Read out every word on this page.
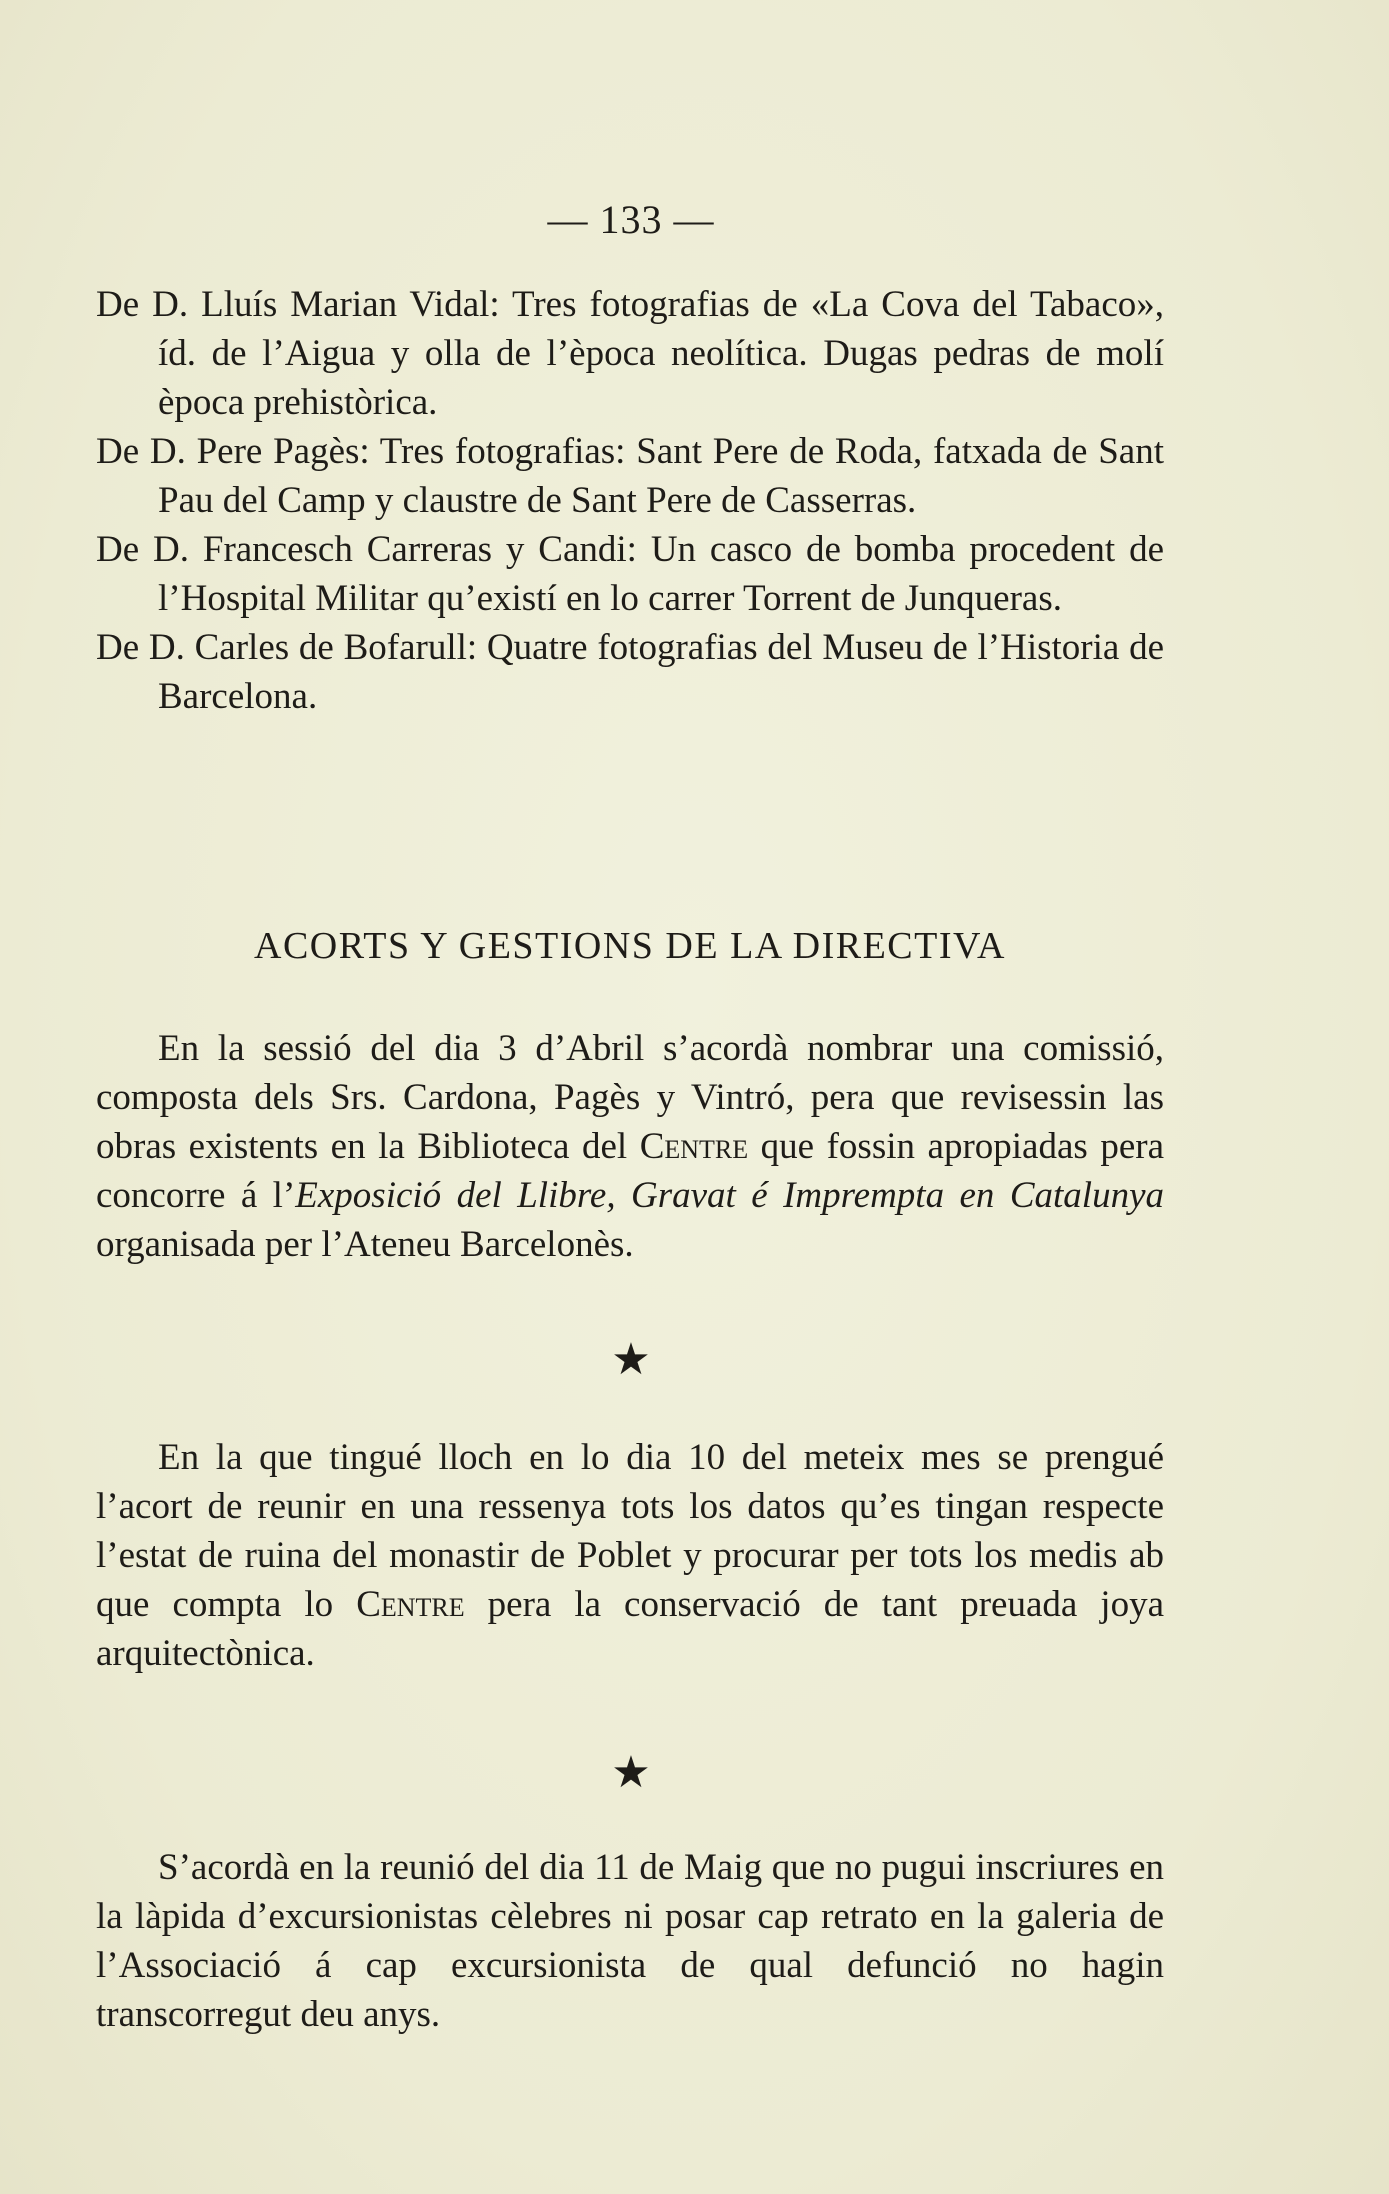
— 133 —

De D. Lluís Marian Vidal: Tres fotografias de «La Cova del Tabaco», íd. de l’Aigua y olla de l’època neolítica. Dugas pedras de molí època prehistòrica.

De D. Pere Pagès: Tres fotografias: Sant Pere de Roda, fatxada de Sant Pau del Camp y claustre de Sant Pere de Casserras.

De D. Francesch Carreras y Candi: Un casco de bomba procedent de l’Hospital Militar qu’existí en lo carrer Torrent de Junqueras.

De D. Carles de Bofarull: Quatre fotografias del Museu de l’Historia de Barcelona.

ACORTS Y GESTIONS DE LA DIRECTIVA

En la sessió del dia 3 d’Abril s’acordà nombrar una comissió, composta dels Srs. Cardona, Pagès y Vintró, pera que revisessin las obras existents en la Biblioteca del Centre que fossin apropiadas pera concorre á l’Exposició del Llibre, Gravat é Imprempta en Catalunya organisada per l’Ateneu Barcelonès.

★

En la que tingué lloch en lo dia 10 del meteix mes se prengué l’acort de reunir en una ressenya tots los datos qu’es tingan respecte l’estat de ruina del monastir de Poblet y procurar per tots los medis ab que compta lo Centre pera la conservació de tant preuada joya arquitectònica.

★

S’acordà en la reunió del dia 11 de Maig que no pugui inscriures en la làpida d’excursionistas cèlebres ni posar cap retrato en la galeria de l’Associació á cap excursionista de qual defunció no hagin transcorregut deu anys.
